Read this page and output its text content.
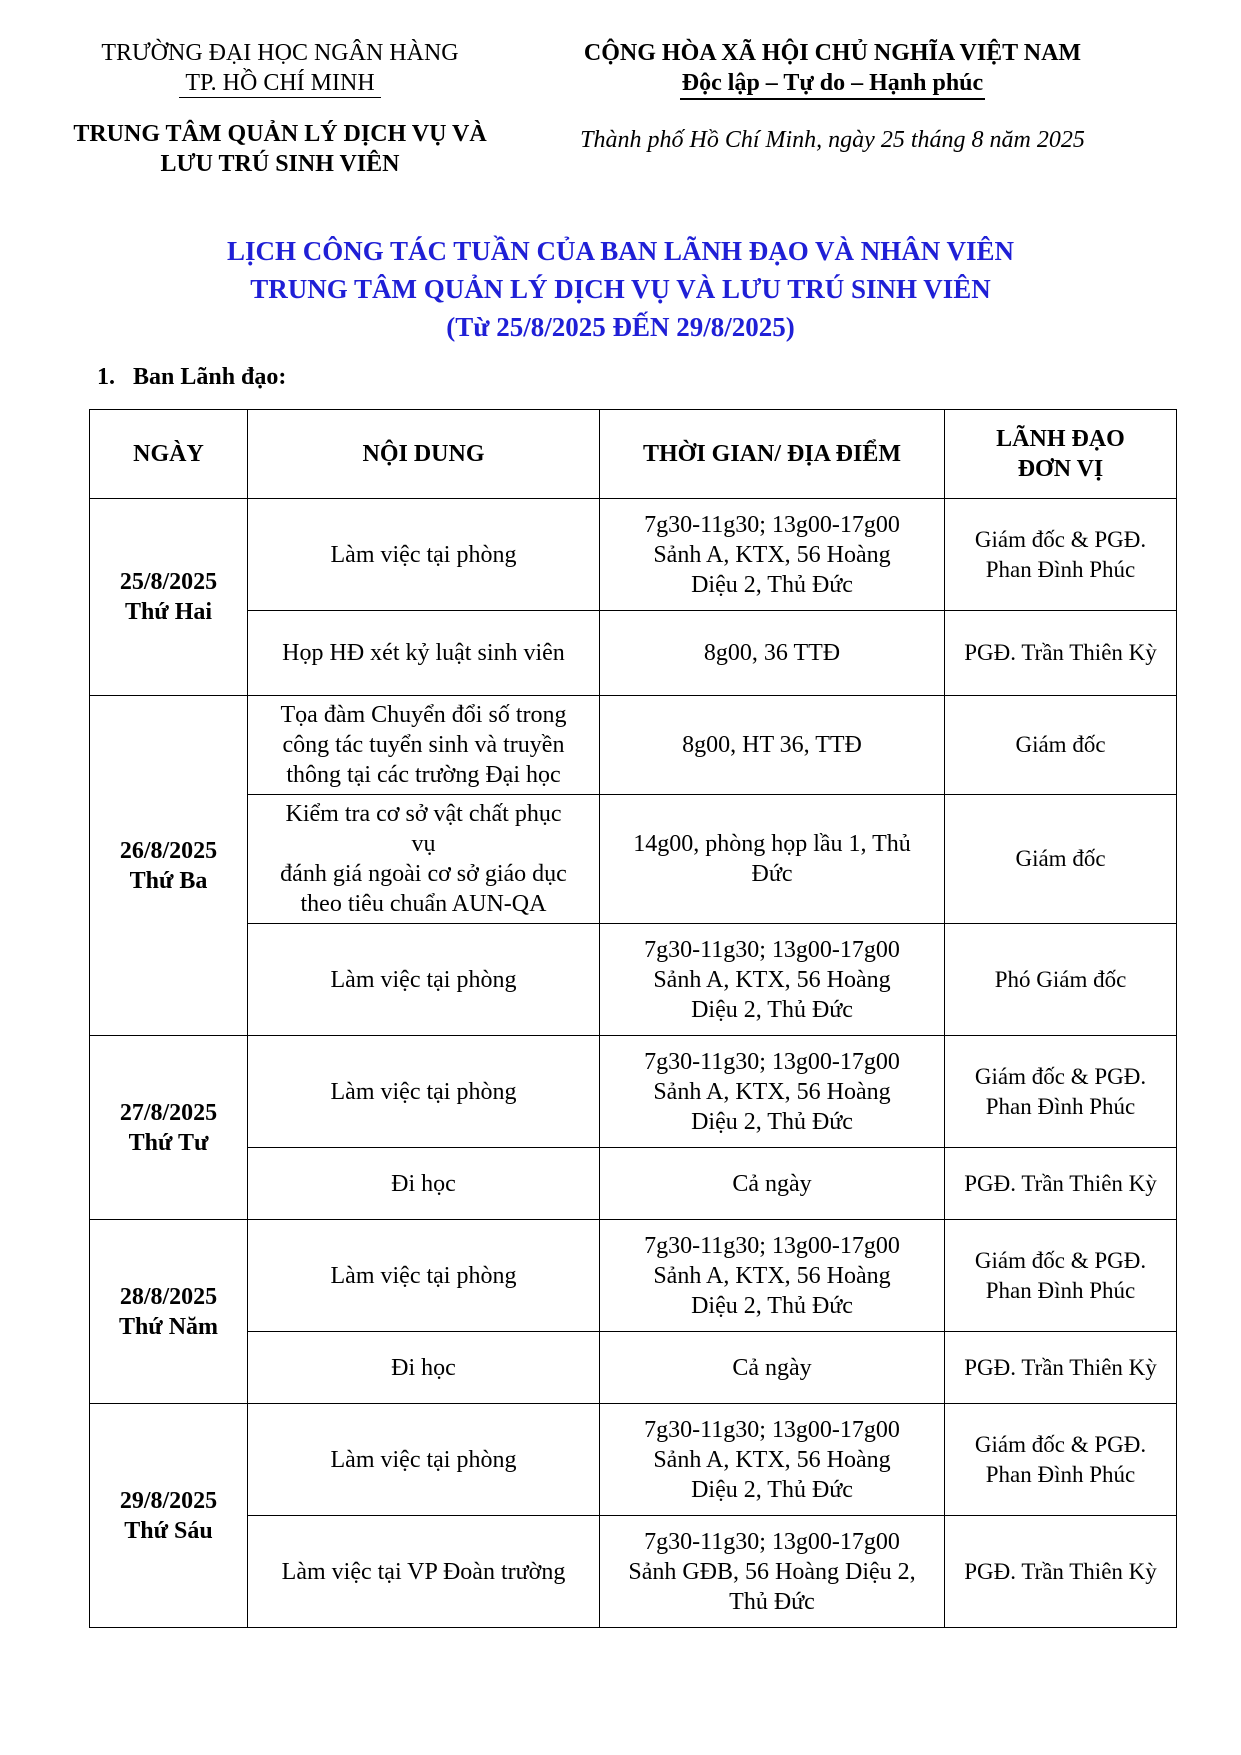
TRƯỜNG ĐẠI HỌC NGÂN HÀNG
TP. HỒ CHÍ MINH
TRUNG TÂM QUẢN LÝ DỊCH VỤ VÀ
LƯU TRÚ SINH VIÊN
CỘNG HÒA XÃ HỘI CHỦ NGHĨA VIỆT NAM
Độc lập – Tự do – Hạnh phúc
Thành phố Hồ Chí Minh, ngày 25 tháng 8 năm 2025
LỊCH CÔNG TÁC TUẦN CỦA BAN LÃNH ĐẠO VÀ NHÂN VIÊN
TRUNG TÂM QUẢN LÝ DỊCH VỤ VÀ LƯU TRÚ SINH VIÊN
(Từ 25/8/2025 ĐẾN 29/8/2025)
1. Ban Lãnh đạo:
NGÀY	NỘI DUNG	THỜI GIAN/ ĐỊA ĐIỂM	LÃNH ĐẠO
ĐƠN VỊ

25/8/2025
Thứ Hai	Làm việc tại phòng	7g30-11g30; 13g00-17g00
Sảnh A, KTX, 56 Hoàng
Diệu 2, Thủ Đức	Giám đốc & PGĐ.
Phan Đình Phúc

	Họp HĐ xét kỷ luật sinh viên	8g00, 36 TTĐ	PGĐ. Trần Thiên Kỳ

26/8/2025
Thứ Ba	Tọa đàm Chuyển đổi số trong
công tác tuyển sinh và truyền
thông tại các trường Đại học	8g00, HT 36, TTĐ	Giám đốc

	Kiểm tra cơ sở vật chất phục
vụ
đánh giá ngoài cơ sở giáo dục
theo tiêu chuẩn AUN-QA	14g00, phòng họp lầu 1, Thủ
Đức	Giám đốc

	Làm việc tại phòng	7g30-11g30; 13g00-17g00
Sảnh A, KTX, 56 Hoàng
Diệu 2, Thủ Đức	Phó Giám đốc

27/8/2025
Thứ Tư	Làm việc tại phòng	7g30-11g30; 13g00-17g00
Sảnh A, KTX, 56 Hoàng
Diệu 2, Thủ Đức	Giám đốc & PGĐ.
Phan Đình Phúc

	Đi học	Cả ngày	PGĐ. Trần Thiên Kỳ

28/8/2025
Thứ Năm	Làm việc tại phòng	7g30-11g30; 13g00-17g00
Sảnh A, KTX, 56 Hoàng
Diệu 2, Thủ Đức	Giám đốc & PGĐ.
Phan Đình Phúc

	Đi học	Cả ngày	PGĐ. Trần Thiên Kỳ

29/8/2025
Thứ Sáu	Làm việc tại phòng	7g30-11g30; 13g00-17g00
Sảnh A, KTX, 56 Hoàng
Diệu 2, Thủ Đức	Giám đốc & PGĐ.
Phan Đình Phúc

	Làm việc tại VP Đoàn trường	7g30-11g30; 13g00-17g00
Sảnh GĐB, 56 Hoàng Diệu 2,
Thủ Đức	PGĐ. Trần Thiên Kỳ
